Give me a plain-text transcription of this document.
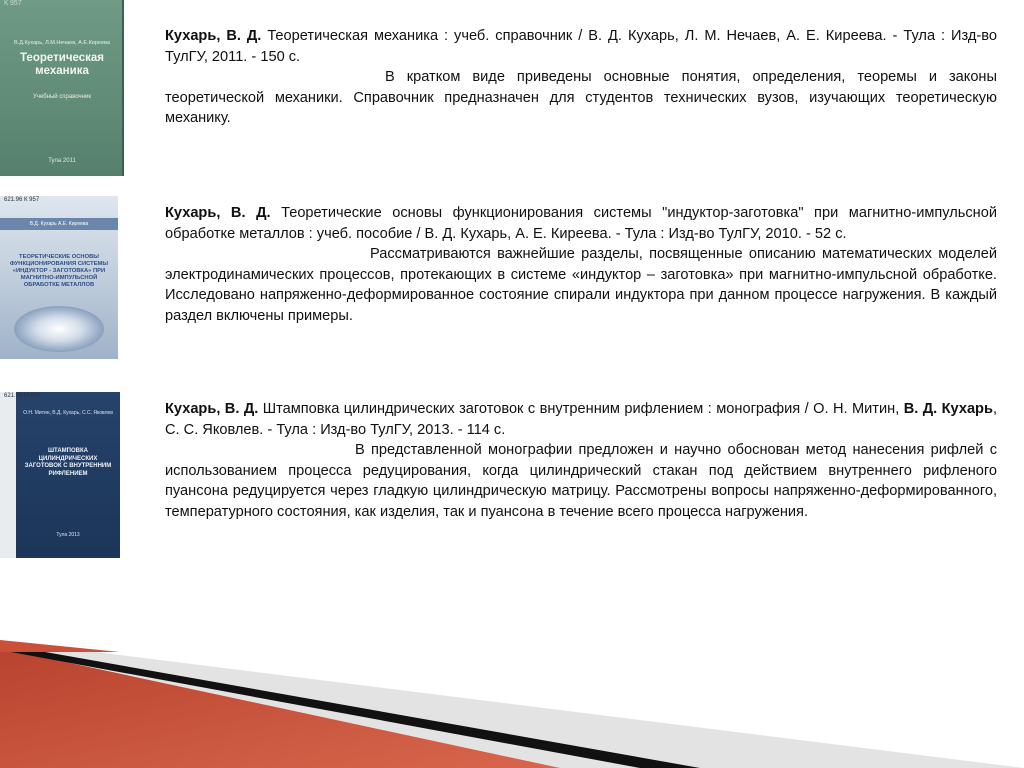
К 957
В.Д.Кухарь, Л.М.Нечаев, А.Е.Киреева
Теоретическая механика
Учебный справочник
Тула 2011

Кухарь, В. Д. Теоретическая механика : учеб. справочник / В. Д. Кухарь, Л. М. Нечаев, А. Е. Киреева. - Тула : Изд-во ТулГУ, 2011. - 150 с.

В кратком виде приведены основные понятия, определения, теоремы и законы теоретической механики. Справочник предназначен для студентов технических вузов, изучающих теоретическую механику.

621.96 К 957
В.Д. Кухарь А.Е. Киреева
ТЕОРЕТИЧЕСКИЕ ОСНОВЫ ФУНКЦИОНИРОВАНИЯ СИСТЕМЫ «ИНДУКТОР - ЗАГОТОВКА» ПРИ МАГНИТНО-ИМПУЛЬСНОЙ ОБРАБОТКЕ МЕТАЛЛОВ

Кухарь, В. Д. Теоретические основы функционирования системы "индуктор-заготовка" при магнитно-импульсной обработке металлов : учеб. пособие / В. Д. Кухарь, А. Е. Киреева. - Тула : Изд-во ТулГУ, 2010. - 52 с.

Рассматриваются важнейшие разделы, посвященные описанию математических моделей электродинамических процессов, протекающих в системе «индуктор – заготовка» при магнитно-импульсной обработке. Исследовано напряженно-деформированное состояние спирали индуктора при данном процессе нагружения. В каждый раздел включены примеры.

621.98 М 662
О.Н. Митин, В.Д. Кухарь, С.С. Яковлев
ШТАМПОВКА ЦИЛИНДРИЧЕСКИХ ЗАГОТОВОК С ВНУТРЕННИМ РИФЛЕНИЕМ
Тула 2013

Кухарь, В. Д. Штамповка цилиндрических заготовок с внутренним рифлением : монография / О. Н. Митин, В. Д. Кухарь, С. С. Яковлев. - Тула : Изд-во ТулГУ, 2013. - 114 с.

В представленной монографии предложен и научно обоснован метод нанесения рифлей с использованием процесса редуцирования, когда цилиндрический стакан под действием внутреннего рифленого пуансона редуцируется через гладкую цилиндрическую матрицу. Рассмотрены вопросы напряженно-деформированного, температурного состояния, как изделия, так и пуансона в течение всего процесса нагружения.
